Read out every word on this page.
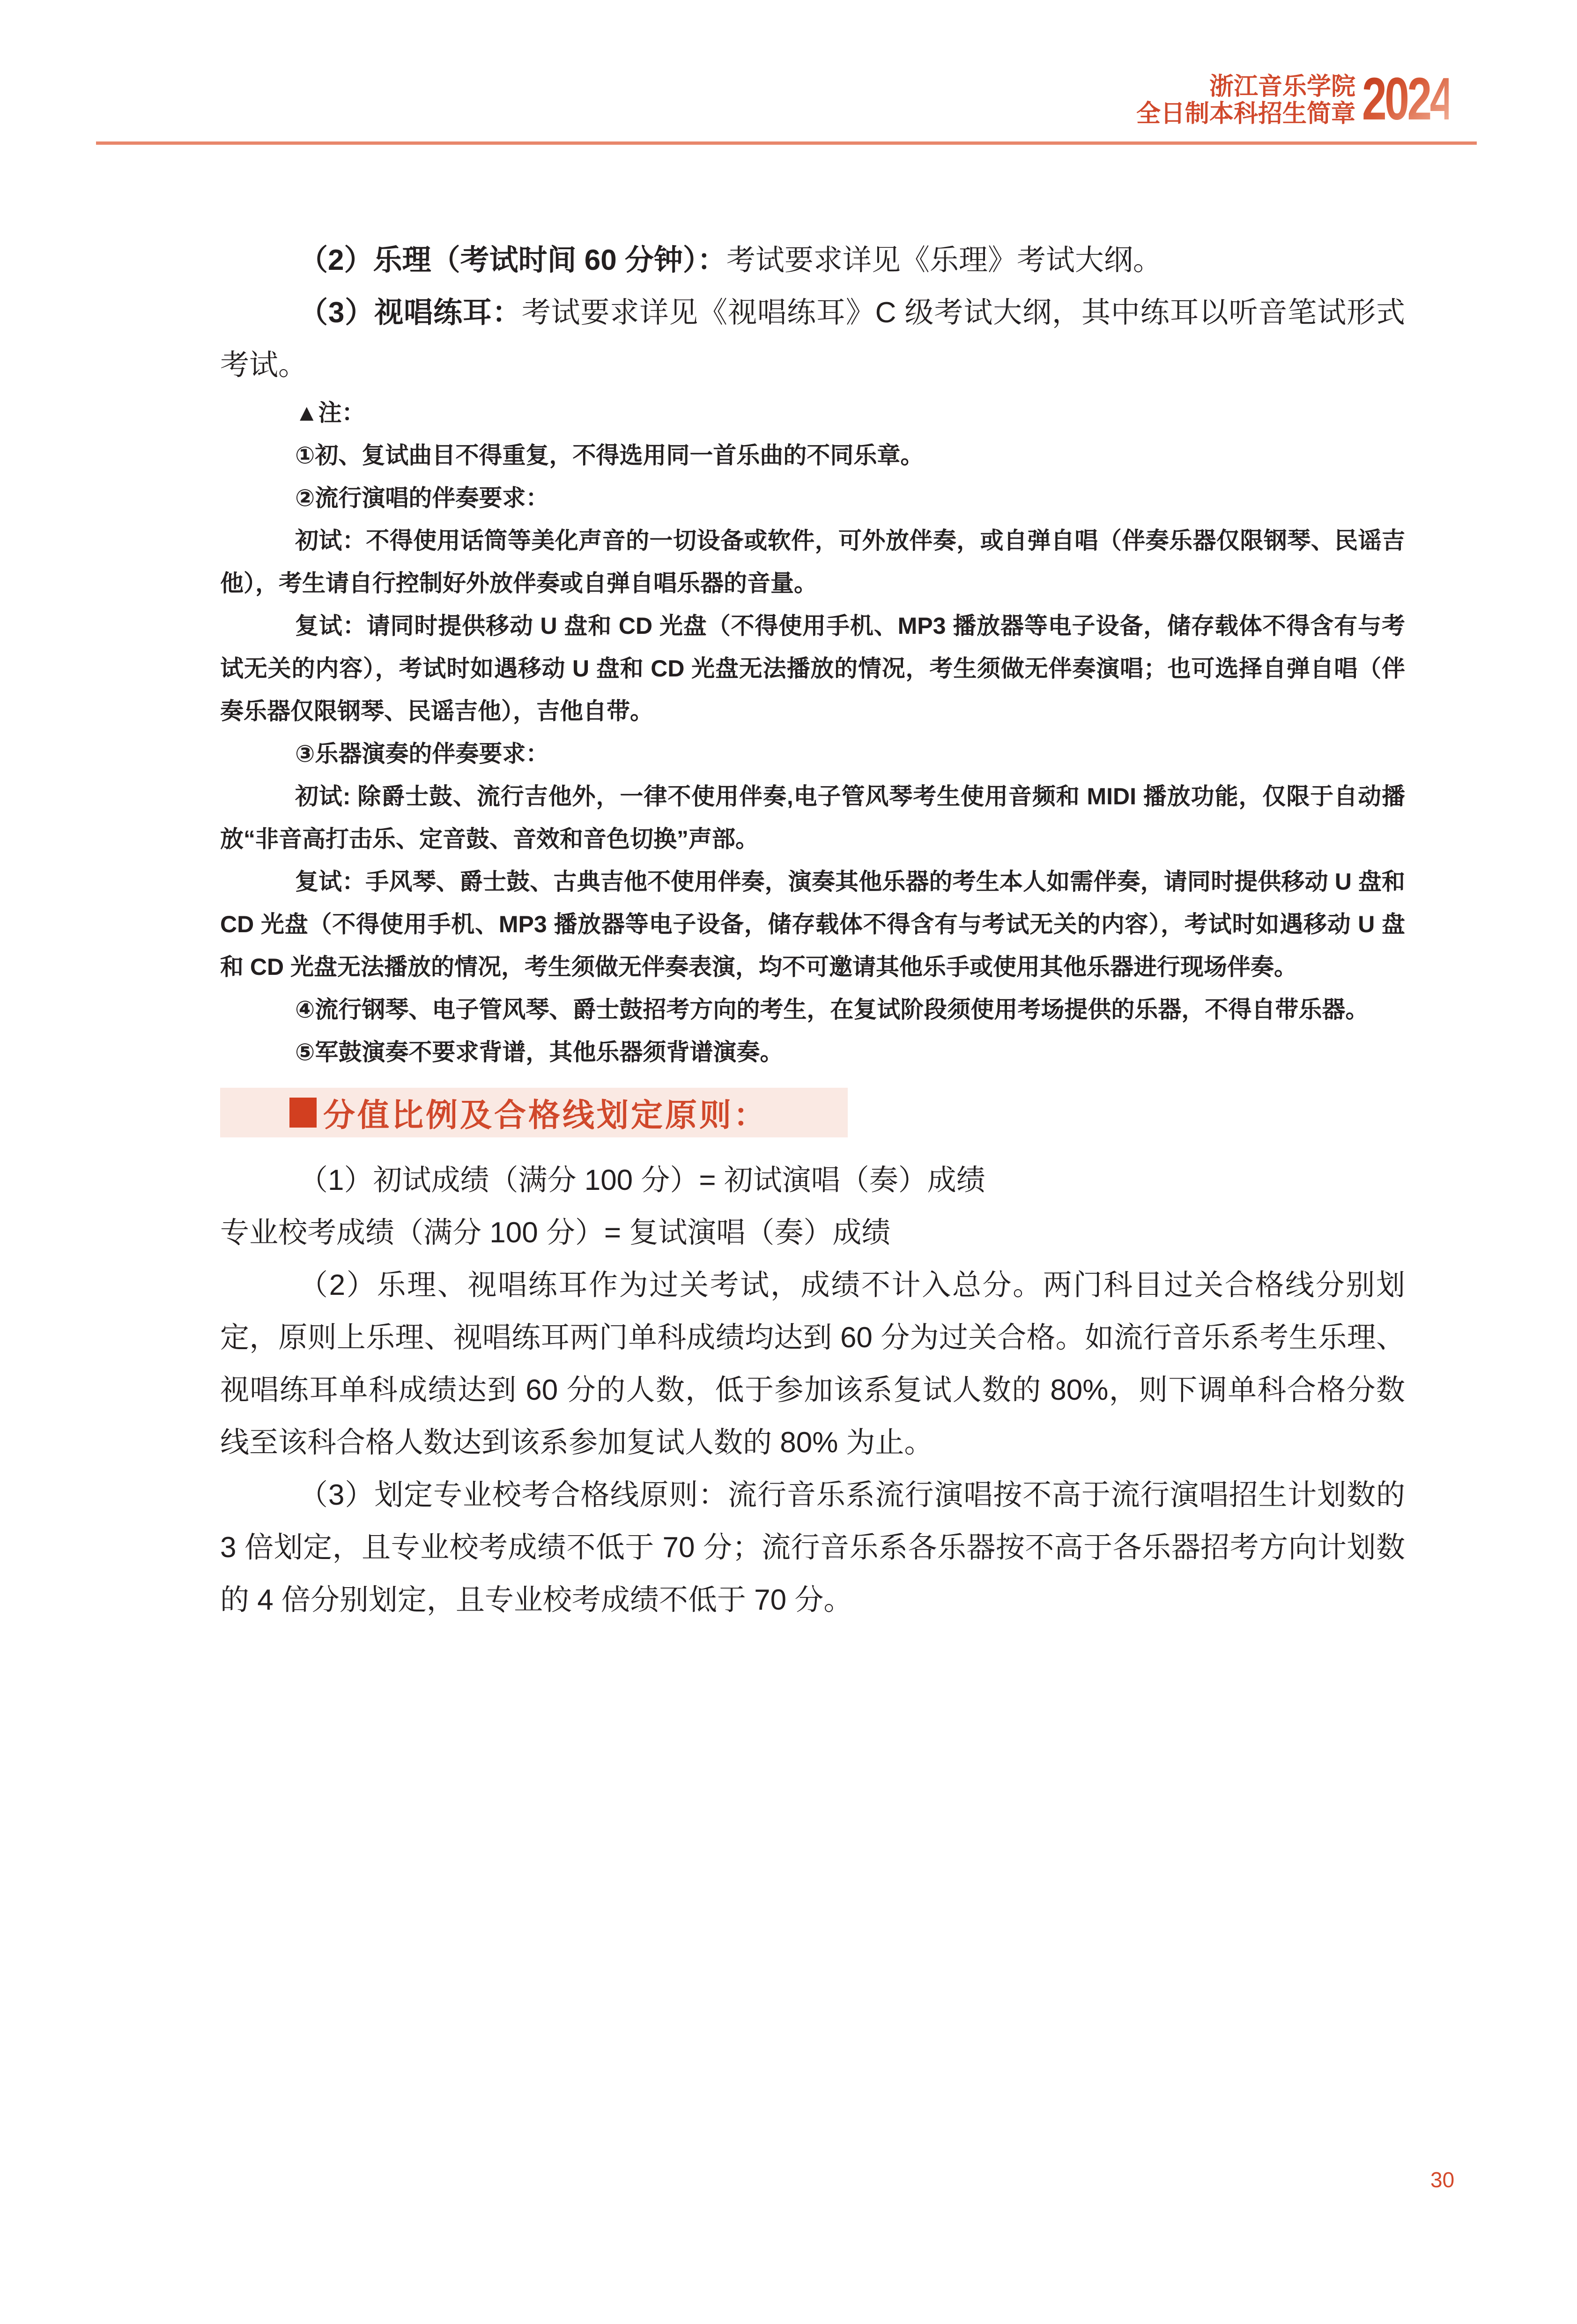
浙江音乐学院
全日制本科招生简章 2024

（2）乐理（考试时间 60 分钟）：考试要求详见《乐理》考试大纲。

（3）视唱练耳：考试要求详见《视唱练耳》C 级考试大纲，其中练耳以听音笔试形式考试。

▲注：

①初、复试曲目不得重复，不得选用同一首乐曲的不同乐章。

②流行演唱的伴奏要求：

初试：不得使用话筒等美化声音的一切设备或软件，可外放伴奏，或自弹自唱（伴奏乐器仅限钢琴、民谣吉他），考生请自行控制好外放伴奏或自弹自唱乐器的音量。

复试：请同时提供移动 U 盘和 CD 光盘（不得使用手机、MP3 播放器等电子设备，储存载体不得含有与考试无关的内容），考试时如遇移动 U 盘和 CD 光盘无法播放的情况，考生须做无伴奏演唱；也可选择自弹自唱（伴奏乐器仅限钢琴、民谣吉他），吉他自带。

③乐器演奏的伴奏要求：

初试: 除爵士鼓、流行吉他外，一律不使用伴奏,电子管风琴考生使用音频和 MIDI 播放功能，仅限于自动播放“非音高打击乐、定音鼓、音效和音色切换”声部。

复试：手风琴、爵士鼓、古典吉他不使用伴奏，演奏其他乐器的考生本人如需伴奏，请同时提供移动 U 盘和 CD 光盘（不得使用手机、MP3 播放器等电子设备，储存载体不得含有与考试无关的内容），考试时如遇移动 U 盘和 CD 光盘无法播放的情况，考生须做无伴奏表演，均不可邀请其他乐手或使用其他乐器进行现场伴奏。

④流行钢琴、电子管风琴、爵士鼓招考方向的考生，在复试阶段须使用考场提供的乐器，不得自带乐器。

⑤军鼓演奏不要求背谱，其他乐器须背谱演奏。

分值比例及合格线划定原则：

（1）初试成绩（满分 100 分）= 初试演唱（奏）成绩

专业校考成绩（满分 100 分）= 复试演唱（奏）成绩

（2）乐理、视唱练耳作为过关考试，成绩不计入总分。两门科目过关合格线分别划定，原则上乐理、视唱练耳两门单科成绩均达到 60 分为过关合格。如流行音乐系考生乐理、视唱练耳单科成绩达到 60 分的人数，低于参加该系复试人数的 80%，则下调单科合格分数线至该科合格人数达到该系参加复试人数的 80% 为止。

（3）划定专业校考合格线原则：流行音乐系流行演唱按不高于流行演唱招生计划数的 3 倍划定，且专业校考成绩不低于 70 分；流行音乐系各乐器按不高于各乐器招考方向计划数的 4 倍分别划定，且专业校考成绩不低于 70 分。

30
